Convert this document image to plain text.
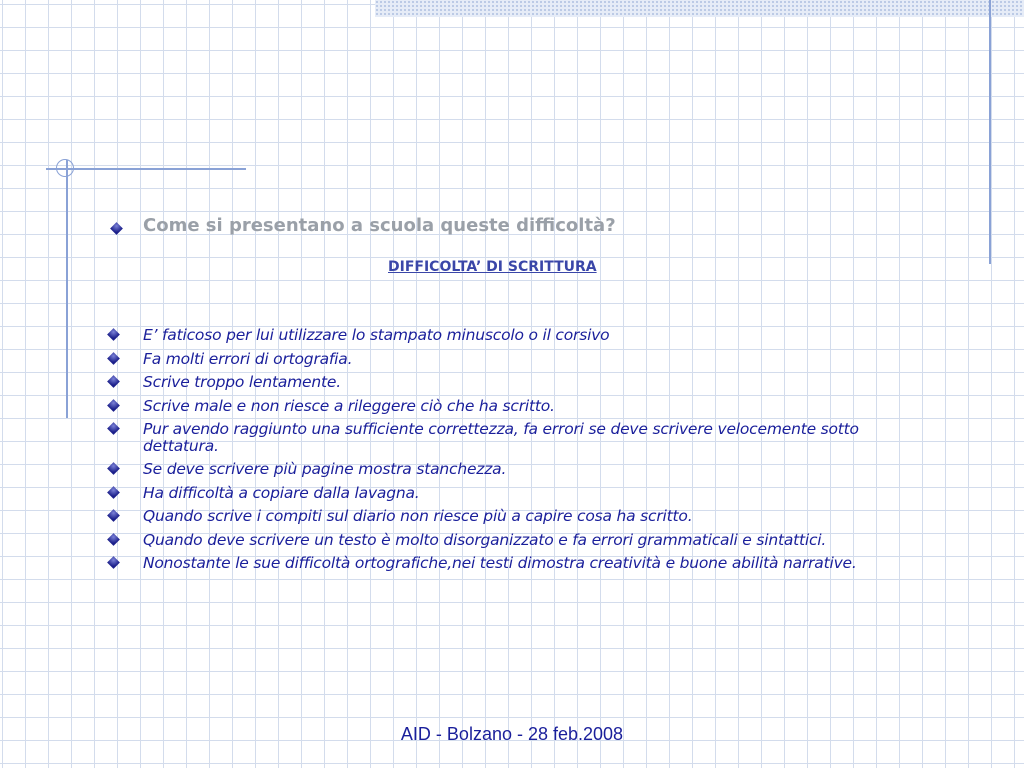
Come si presentano a scuola queste difficoltà?
DIFFICOLTA’ DI SCRITTURA
E’ faticoso per lui utilizzare lo stampato minuscolo o il corsivo
Fa molti errori di ortografia.
Scrive troppo lentamente.
Scrive male e non riesce a rileggere ciò che ha scritto.
Pur avendo raggiunto una sufficiente correttezza, fa errori se deve scrivere velocemente sotto dettatura.
Se deve scrivere più pagine mostra stanchezza.
Ha difficoltà a copiare dalla lavagna.
Quando scrive i compiti sul diario non riesce più a capire cosa ha scritto.
Quando deve scrivere un testo è molto disorganizzato e fa errori grammaticali e sintattici.
Nonostante le sue difficoltà ortografiche,nei testi dimostra creatività e buone abilità narrative.
AID - Bolzano - 28 feb.2008
